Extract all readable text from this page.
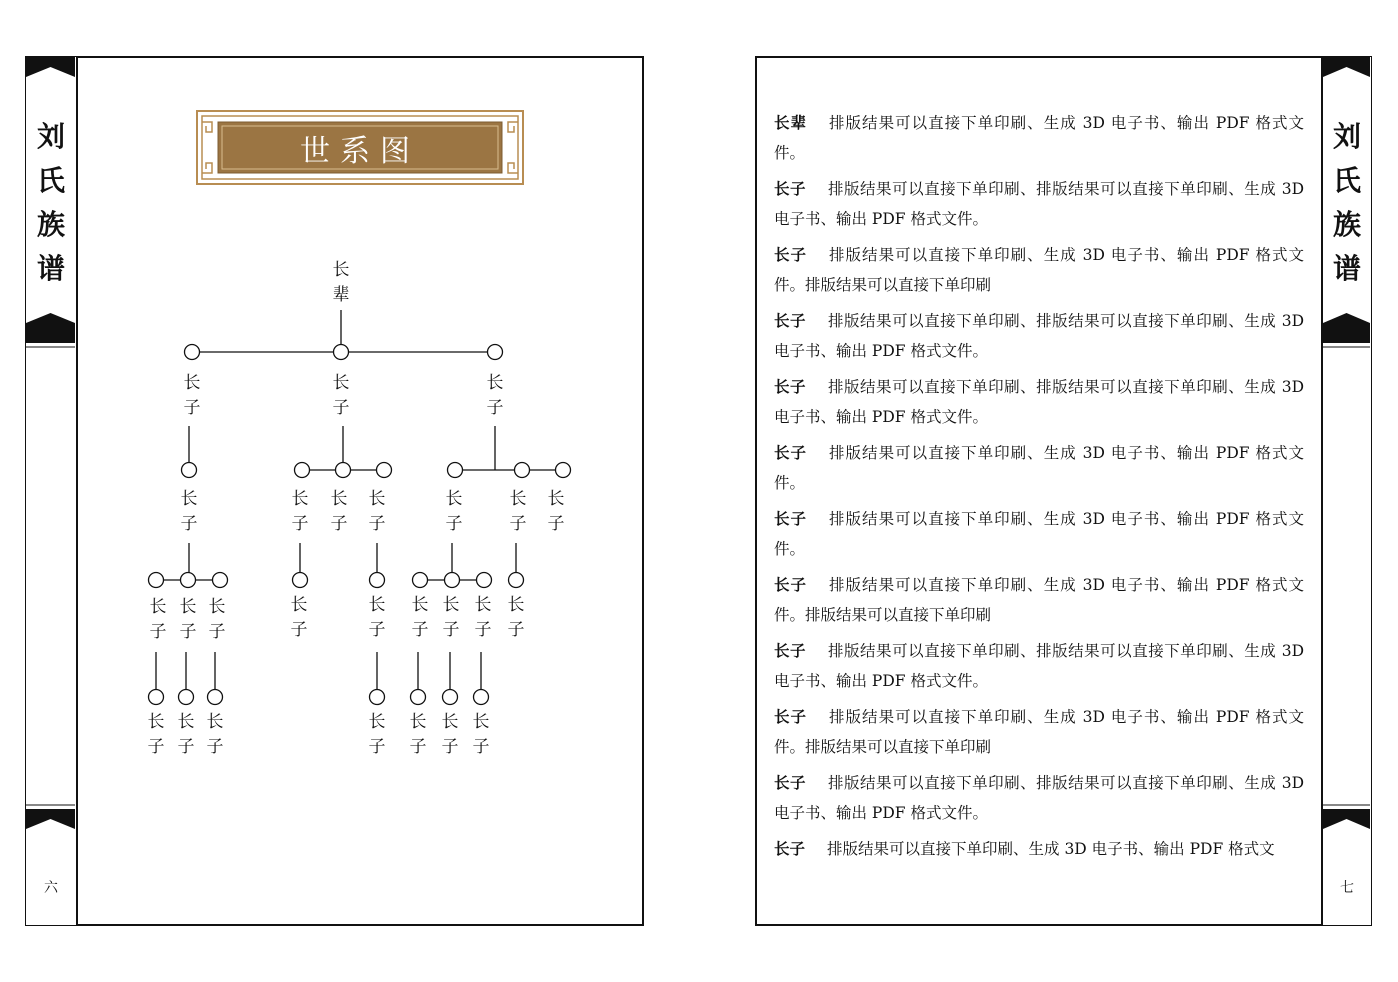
刘
氏
族
谱
六
世系图
长
辈
长
子
长
子
长
子
长
子
长
子
长
子
长
子
长
子
长
子
长
子
长
子
长
子
长
子
长
子
长
子
长
子
长
子
长
子
长
子
长
子
长
子
长
子
长
子
长
子
长
子
长
子
刘
氏
族
谱
七
长辈 排版结果可以直接下单印刷、生成 3D 电子书、输出 PDF 格式文件。
长子 排版结果可以直接下单印刷、排版结果可以直接下单印刷、生成 3D 电子书、输出 PDF 格式文件。
长子 排版结果可以直接下单印刷、生成 3D 电子书、输出 PDF 格式文件。排版结果可以直接下单印刷
长子 排版结果可以直接下单印刷、排版结果可以直接下单印刷、生成 3D 电子书、输出 PDF 格式文件。
长子 排版结果可以直接下单印刷、排版结果可以直接下单印刷、生成 3D 电子书、输出 PDF 格式文件。
长子 排版结果可以直接下单印刷、生成 3D 电子书、输出 PDF 格式文件。
长子 排版结果可以直接下单印刷、生成 3D 电子书、输出 PDF 格式文件。
长子 排版结果可以直接下单印刷、生成 3D 电子书、输出 PDF 格式文件。排版结果可以直接下单印刷
长子 排版结果可以直接下单印刷、排版结果可以直接下单印刷、生成 3D 电子书、输出 PDF 格式文件。
长子 排版结果可以直接下单印刷、生成 3D 电子书、输出 PDF 格式文件。排版结果可以直接下单印刷
长子 排版结果可以直接下单印刷、排版结果可以直接下单印刷、生成 3D 电子书、输出 PDF 格式文件。
长子 排版结果可以直接下单印刷、生成 3D 电子书、输出 PDF 格式文
